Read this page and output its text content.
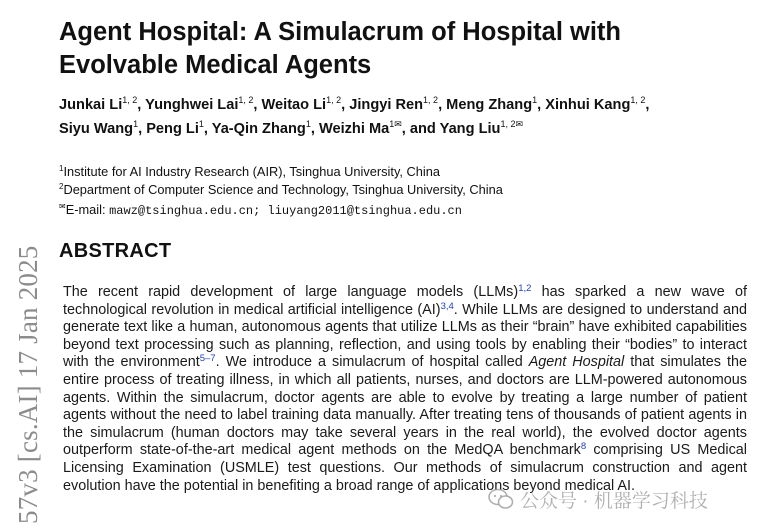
57v3 [cs.AI] 17 Jan 2025
Agent Hospital: A Simulacrum of Hospital with Evolvable Medical Agents
Junkai Li$^{1, 2}$, Yunghwei Lai$^{1, 2}$, Weitao Li$^{1, 2}$, Jingyi Ren$^{1, 2}$, Meng Zhang$^1$, Xinhui Kang$^{1, 2}$,
Siyu Wang$^1$, Peng Li$^1$, Ya-Qin Zhang$^1$, Weizhi $Ma^{1✉}$, and Yang Liu$^{1, 2✉}$
$^1$Institute for AI Industry Research (AIR), Tsinghua University, China
$^2$Department of Computer Science and Technology, Tsinghua University, China
✉E-mail: mawz@tsinghua.edu.cn; liuyang2011@tsinghua.edu.cn
ABSTRACT

The recent rapid development of large language models (LLMs)$^{1,2}$ has sparked a new wave of technological revolution in medical artificial intelligence (AI)$^{3,4}$. While LLMs are designed to understand and generate text like a human, autonomous agents that utilize LLMs as their “brain” have exhibited capabilities beyond text processing such as planning, reflection, and using tools by enabling their “bodies” to interact with the environment$^{5-7}$. We introduce a simulacrum of hospital called Agent Hospital that simulates the entire process of treating illness, in which all patients, nurses, and doctors are LLM-powered autonomous agents. Within the simulacrum, doctor agents are able to evolve by treating a large number of patient agents without the need to label training data manually. After treating tens of thousands of patient agents in the simulacrum (human doctors may take several years in the real world), the evolved doctor agents outperform state-of-the-art medical agent methods on the MedQA benchmark$^8$ comprising US Medical Licensing Examination (USMLE) test questions. Our methods of simulacrum construction and agent evolution have the potential in benefiting a broad range of applications beyond medical AI.

公众号 · 机器学习科技
